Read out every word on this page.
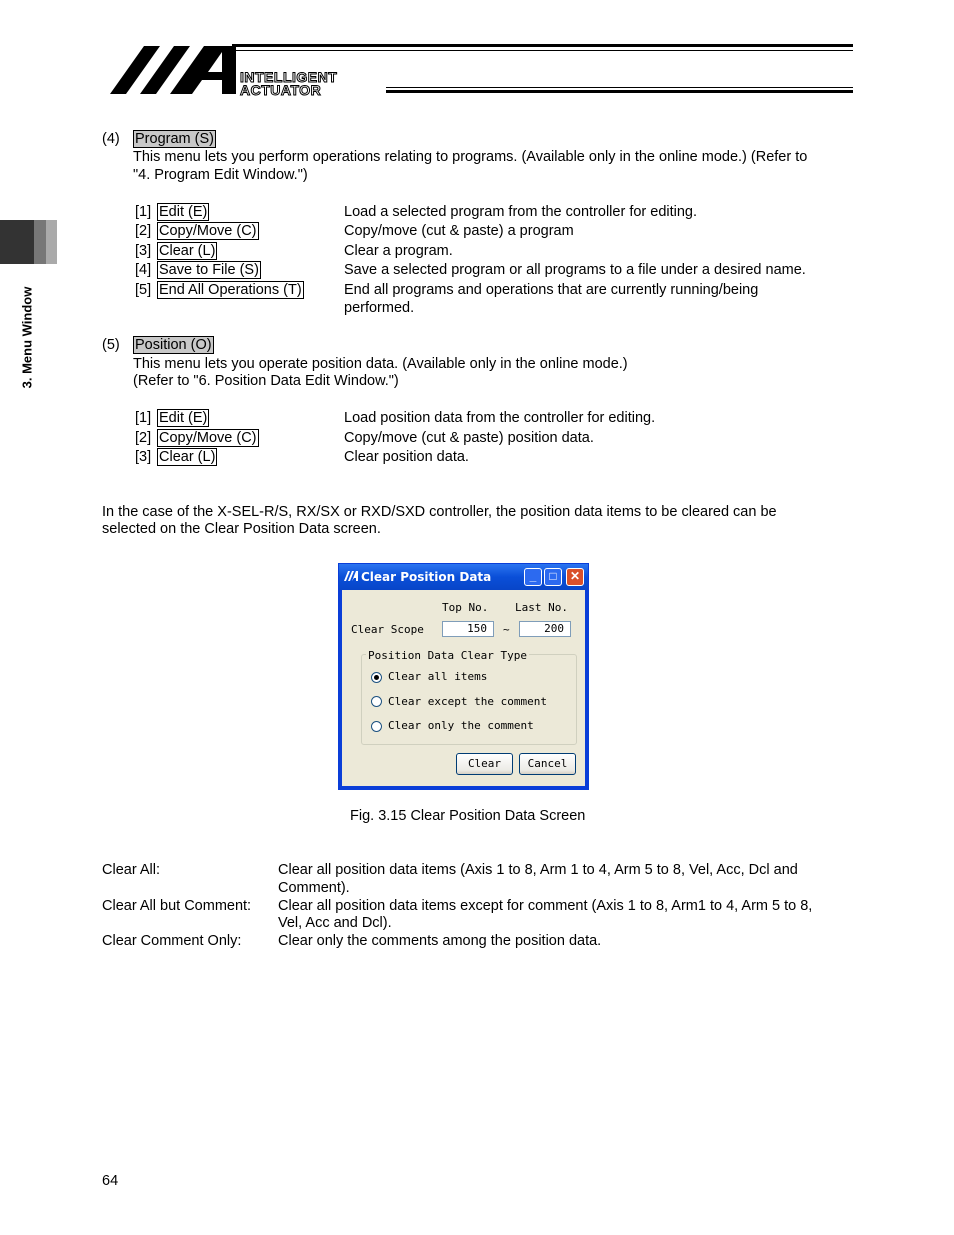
INTELLIGENT
ACTUATOR
3. Menu Window
(4) Program (S)
This menu lets you perform operations relating to programs. (Available only in the online mode.) (Refer to
"4. Program Edit Window.")
[1] Edit (E)	Load a selected program from the controller for editing.
[2] Copy/Move (C)	Copy/move (cut & paste) a program
[3] Clear (L)	Clear a program.
[4] Save to File (S)	Save a selected program or all programs to a file under a desired name.
[5] End All Operations (T)	End all programs and operations that are currently running/being
performed.
(5) Position (O)
This menu lets you operate position data. (Available only in the online mode.)
(Refer to "6. Position Data Edit Window.")
[1] Edit (E)	Load position data from the controller for editing.
[2] Copy/Move (C)	Copy/move (cut & paste) position data.
[3] Clear (L)	Clear position data.
In the case of the X-SEL-R/S, RX/SX or RXD/SXD controller, the position data items to be cleared can be
selected on the Clear Position Data screen.
Clear Position Data	_	□	✕
Top No. Last No.
Clear Scope	150	~	200
Position Data Clear Type
Clear all items
Clear except the comment
Clear only the comment
Clear	Cancel
Fig. 3.15 Clear Position Data Screen
Clear All:	Clear all position data items (Axis 1 to 8, Arm 1 to 4, Arm 5 to 8, Vel, Acc, Dcl and
Comment).
Clear All but Comment: Clear all position data items except for comment (Axis 1 to 8, Arm1 to 4, Arm 5 to 8,
Vel, Acc and Dcl).
Clear Comment Only:	Clear only the comments among the position data.
64
